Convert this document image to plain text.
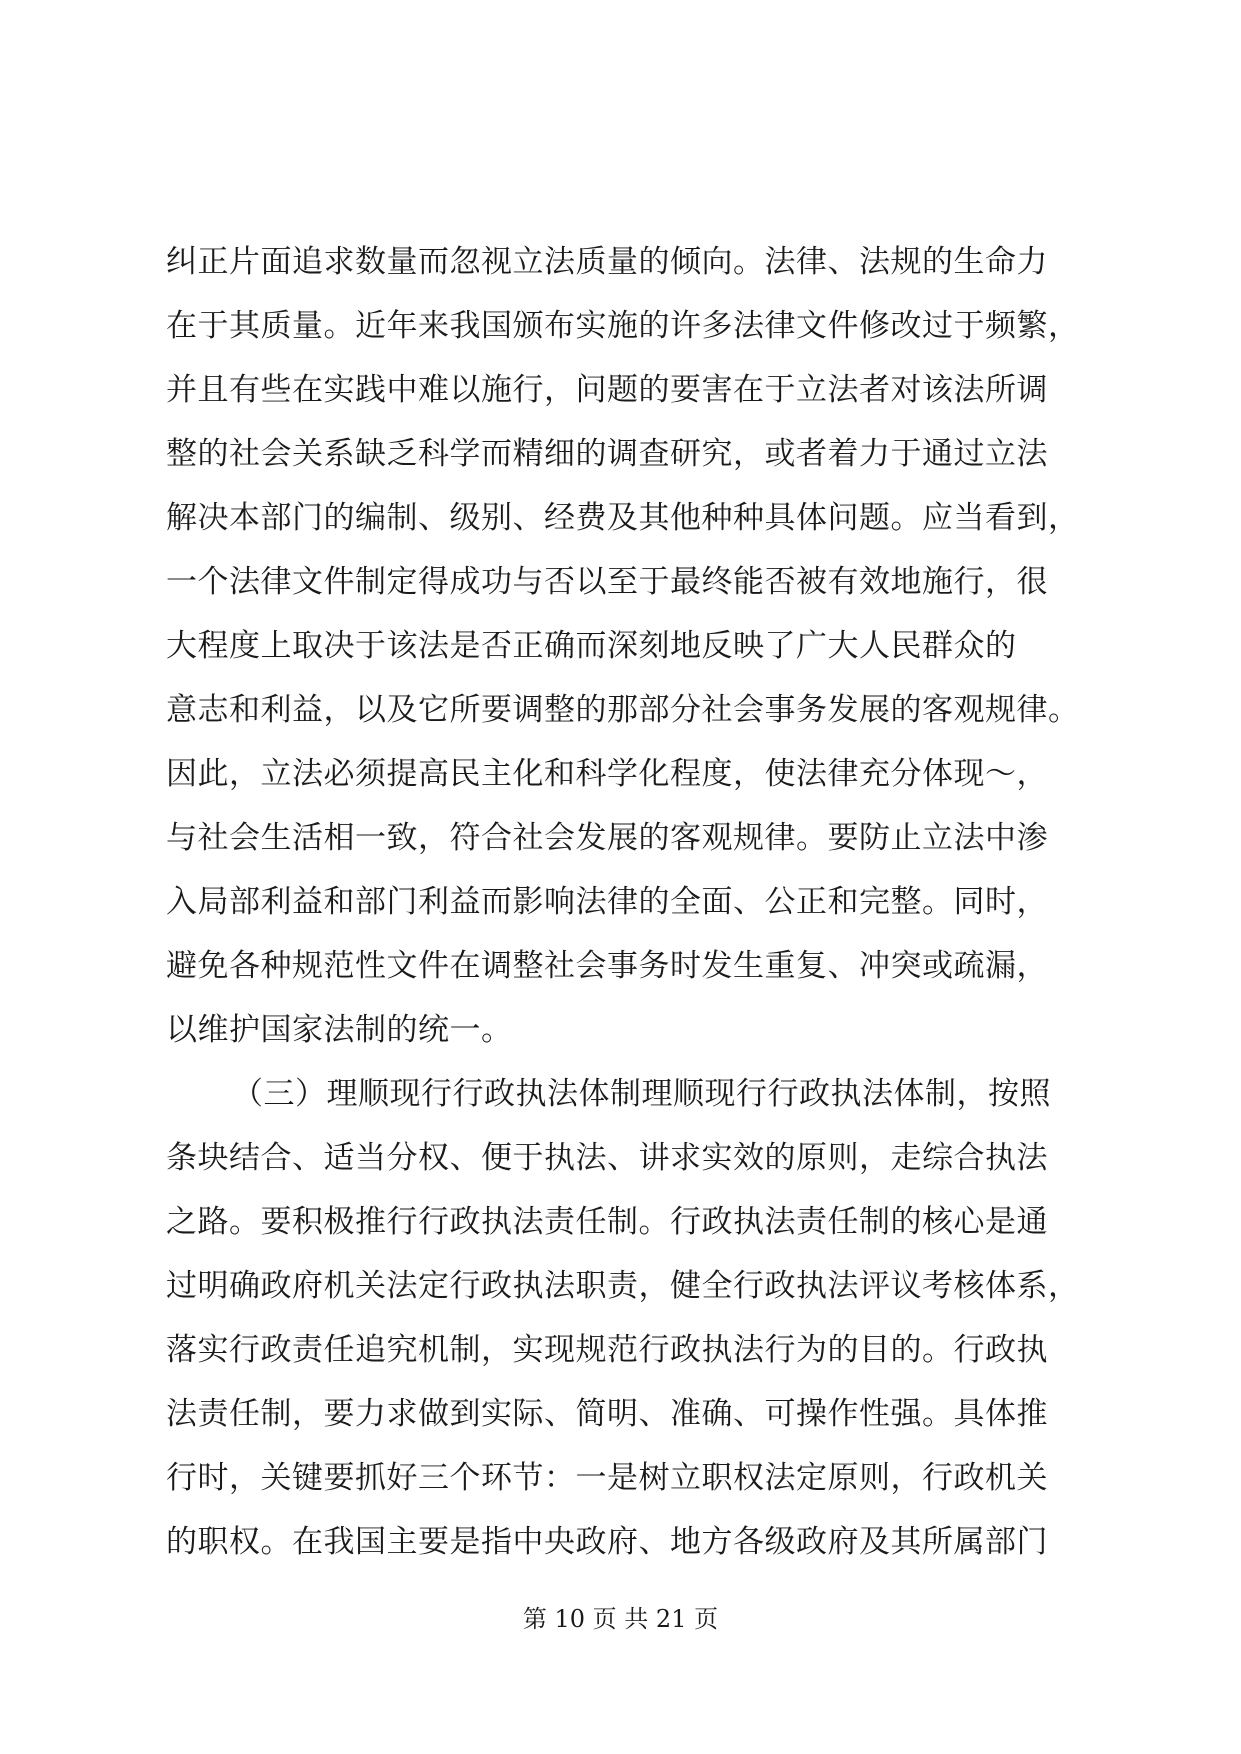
纠正片面追求数量而忽视立法质量的倾向。法律、法规的生命力
在于其质量。近年来我国颁布实施的许多法律文件修改过于频繁，
并且有些在实践中难以施行，问题的要害在于立法者对该法所调
整的社会关系缺乏科学而精细的调查研究，或者着力于通过立法
解决本部门的编制、级别、经费及其他种种具体问题。应当看到，
一个法律文件制定得成功与否以至于最终能否被有效地施行，很
大程度上取决于该法是否正确而深刻地反映了广大人民群众的
意志和利益，以及它所要调整的那部分社会事务发展的客观规律。
因此，立法必须提高民主化和科学化程度，使法律充分体现～，
与社会生活相一致，符合社会发展的客观规律。要防止立法中渗
入局部利益和部门利益而影响法律的全面、公正和完整。同时，
避免各种规范性文件在调整社会事务时发生重复、冲突或疏漏，
以维护国家法制的统一。
（三）理顺现行行政执法体制理顺现行行政执法体制，按照
条块结合、适当分权、便于执法、讲求实效的原则，走综合执法
之路。要积极推行行政执法责任制。行政执法责任制的核心是通
过明确政府机关法定行政执法职责，健全行政执法评议考核体系，
落实行政责任追究机制，实现规范行政执法行为的目的。行政执
法责任制，要力求做到实际、简明、准确、可操作性强。具体推
行时，关键要抓好三个环节：一是树立职权法定原则，行政机关
的职权。在我国主要是指中央政府、地方各级政府及其所属部门
第 10 页 共 21 页
